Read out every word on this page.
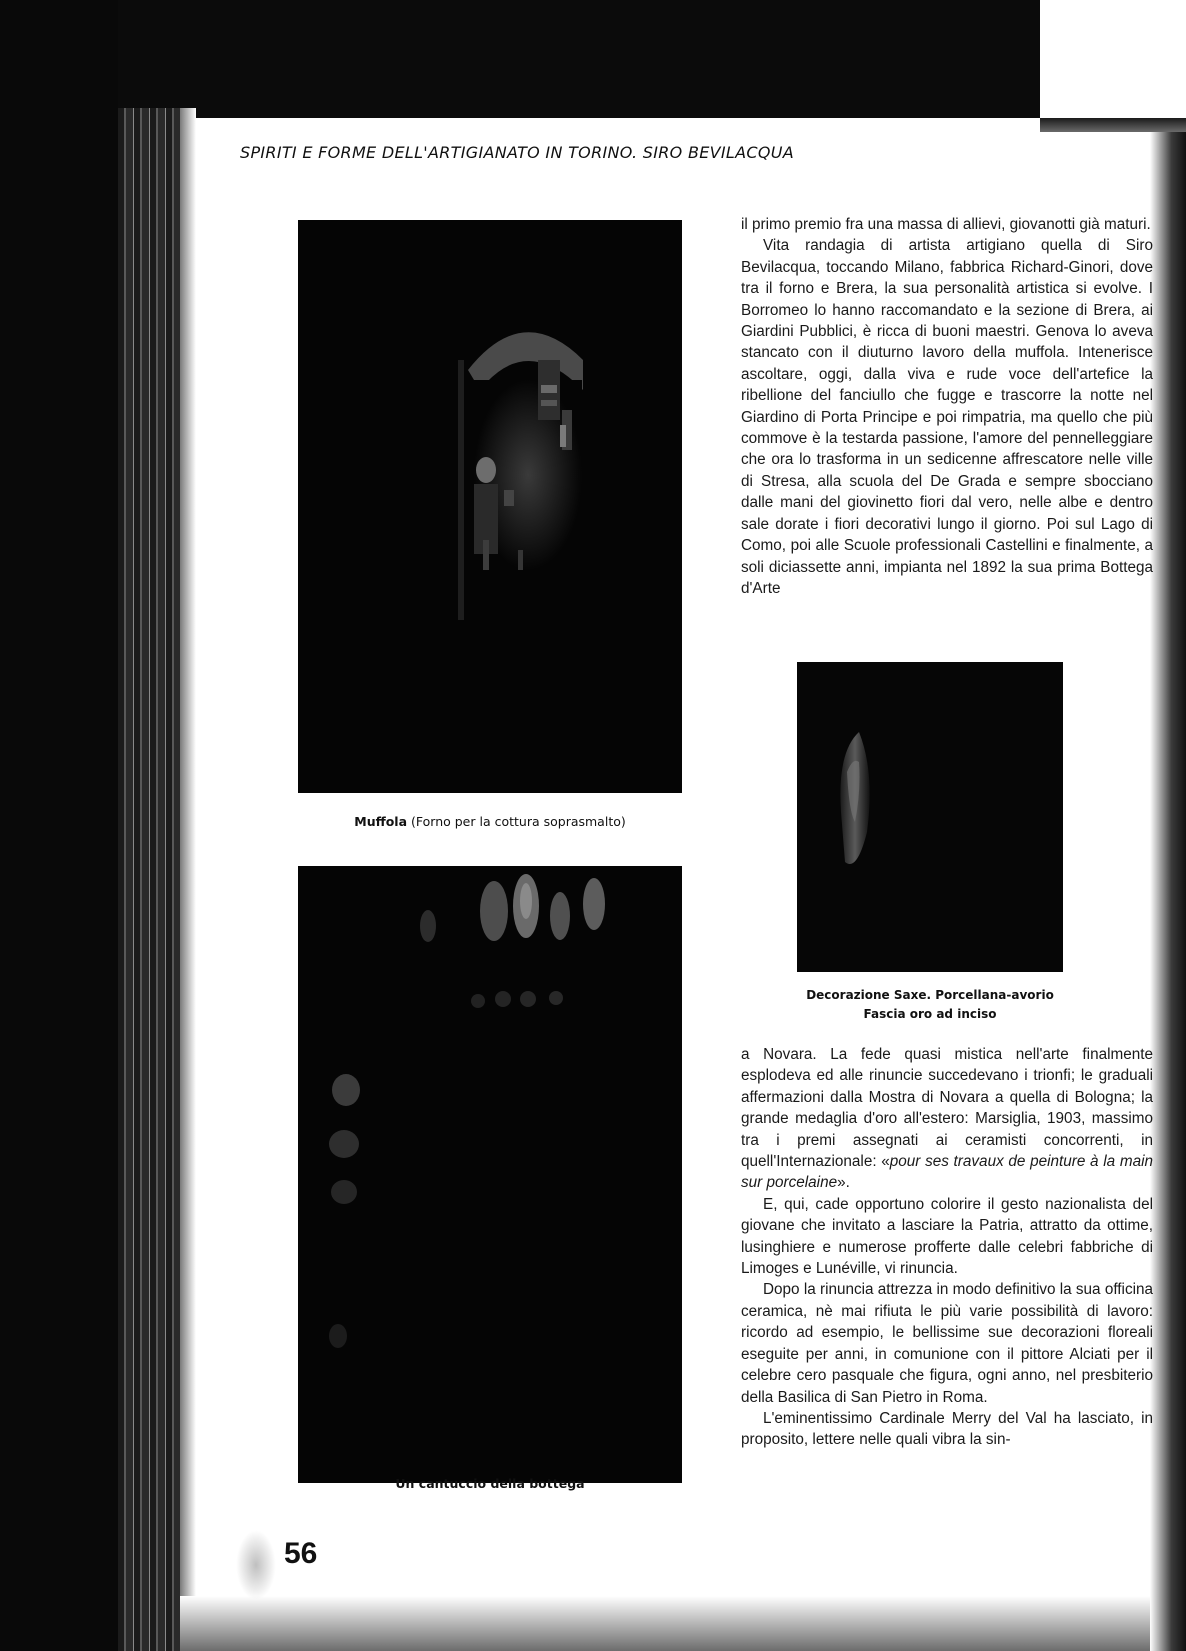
SPIRITI E FORME DELL'ARTIGIANATO IN TORINO. SIRO BEVILACQUA
Muffola (Forno per la cottura soprasmalto)
Un cantuccio della bottega
Decorazione Saxe. Porcellana-avorio
Fascia oro ad inciso

il primo premio fra una massa di allievi, giovanotti già maturi.

Vita randagia di artista artigiano quella di Siro Bevilacqua, toccando Milano, fabbrica Richard-Ginori, dove tra il forno e Brera, la sua personalità artistica si evolve. I Borromeo lo hanno raccomandato e la sezione di Brera, ai Giardini Pubblici, è ricca di buoni maestri. Genova lo aveva stancato con il diuturno lavoro della muffola. Intenerisce ascoltare, oggi, dalla viva e rude voce dell'artefice la ribellione del fanciullo che fugge e trascorre la notte nel Giardino di Porta Principe e poi rimpatria, ma quello che più commove è la testarda passione, l'amore del pennelleggiare che ora lo trasforma in un sedicenne affrescatore nelle ville di Stresa, alla scuola del De Grada e sempre sbocciano dalle mani del giovinetto fiori dal vero, nelle albe e dentro sale dorate i fiori decorativi lungo il giorno. Poi sul Lago di Como, poi alle Scuole professionali Castellini e finalmente, a soli diciassette anni, impianta nel 1892 la sua prima Bottega d'Arte

a Novara. La fede quasi mistica nell'arte finalmente esplodeva ed alle rinuncie succedevano i trionfi; le graduali affermazioni dalla Mostra di Novara a quella di Bologna; la grande medaglia d'oro all'estero: Marsiglia, 1903, massimo tra i premi assegnati ai ceramisti concorrenti, in quell'Internazionale: «pour ses travaux de peinture à la main sur porcelaine».

E, qui, cade opportuno colorire il gesto nazionalista del giovane che invitato a lasciare la Patria, attratto da ottime, lusinghiere e numerose profferte dalle celebri fabbriche di Limoges e Lunéville, vi rinuncia.

Dopo la rinuncia attrezza in modo definitivo la sua officina ceramica, nè mai rifiuta le più varie possibilità di lavoro: ricordo ad esempio, le bellissime sue decorazioni floreali eseguite per anni, in comunione con il pittore Alciati per il celebre cero pasquale che figura, ogni anno, nel presbiterio della Basilica di San Pietro in Roma.

L'eminentissimo Cardinale Merry del Val ha lasciato, in proposito, lettere nelle quali vibra la sin-

56
